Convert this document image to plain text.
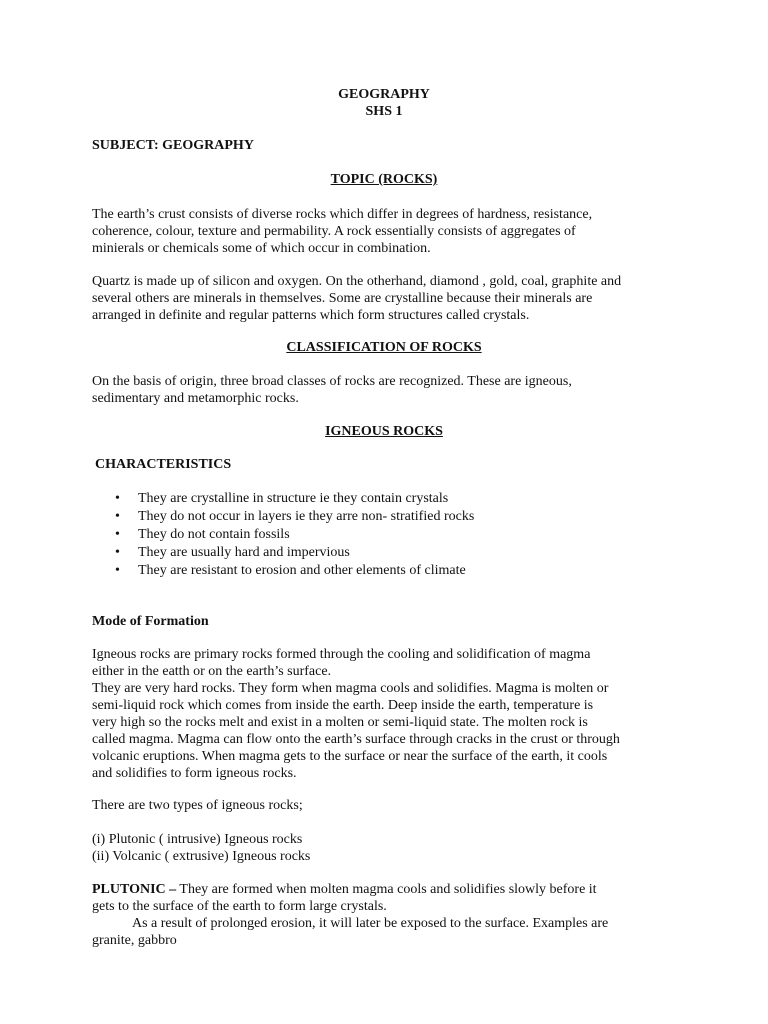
GEOGRAPHY
SHS 1
SUBJECT: GEOGRAPHY
TOPIC (ROCKS)
The earth’s crust consists of diverse rocks which differ in degrees of hardness, resistance,
coherence, colour, texture and permability. A rock essentially consists of aggregates of
minierals or chemicals some of which occur in combination.
Quartz is made up of silicon and oxygen. On the otherhand, diamond , gold, coal, graphite and
several others are minerals in themselves. Some are crystalline because their minerals are
arranged in definite and regular patterns which form structures called crystals.
CLASSIFICATION OF ROCKS
On the basis of origin, three broad classes of rocks are recognized. These are igneous,
sedimentary and metamorphic rocks.
IGNEOUS ROCKS
CHARACTERISTICS
• They are crystalline in structure ie they contain crystals
• They do not occur in layers ie they arre non- stratified rocks
• They do not contain fossils
• They are usually hard and impervious
• They are resistant to erosion and other elements of climate
Mode of Formation
Igneous rocks are primary rocks formed through the cooling and solidification of magma
either in the eatth or on the earth’s surface.
They are very hard rocks. They form when magma cools and solidifies. Magma is molten or
semi-liquid rock which comes from inside the earth. Deep inside the earth, temperature is
very high so the rocks melt and exist in a molten or semi-liquid state. The molten rock is
called magma. Magma can flow onto the earth’s surface through cracks in the crust or through
volcanic eruptions. When magma gets to the surface or near the surface of the earth, it cools
and solidifies to form igneous rocks.
There are two types of igneous rocks;
(i) Plutonic ( intrusive) Igneous rocks
(ii) Volcanic ( extrusive) Igneous rocks
PLUTONIC – They are formed when molten magma cools and solidifies slowly before it
gets to the surface of the earth to form large crystals.
As a result of prolonged erosion, it will later be exposed to the surface. Examples are
granite, gabbro
